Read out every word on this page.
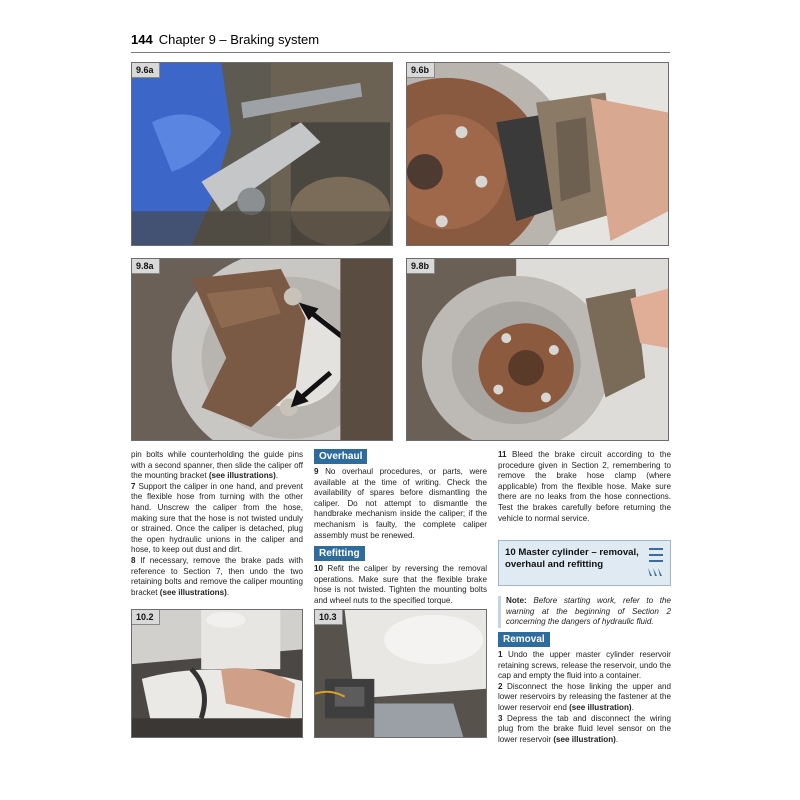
144 Chapter 9 – Braking system
9.6a	9.6b
9.8a	9.8b

pin bolts while counterholding the guide pins with a second spanner, then slide the caliper off the mounting bracket (see illustrations).

7 Support the caliper in one hand, and prevent the flexible hose from turning with the other hand. Unscrew the caliper from the hose, making sure that the hose is not twisted unduly or strained. Once the caliper is detached, plug the open hydraulic unions in the caliper and hose, to keep out dust and dirt.

8 If necessary, remove the brake pads with reference to Section 7, then undo the two retaining bolts and remove the caliper mounting bracket (see illustrations).

Overhaul

9 No overhaul procedures, or parts, were available at the time of writing. Check the availability of spares before dismantling the caliper. Do not attempt to dismantle the handbrake mechanism inside the caliper; if the mechanism is faulty, the complete caliper assembly must be renewed.

Refitting

10 Refit the caliper by reversing the removal operations. Make sure that the flexible brake hose is not twisted. Tighten the mounting bolts and wheel nuts to the specified torque.

11 Bleed the brake circuit according to the procedure given in Section 2, remembering to remove the brake hose clamp (where applicable) from the flexible hose. Make sure there are no leaks from the hose connections. Test the brakes carefully before returning the vehicle to normal service.

10 Master cylinder – removal, overhaul and refitting
Note: Before starting work, refer to the warning at the beginning of Section 2 concerning the dangers of hydraulic fluid.
Removal

1 Undo the upper master cylinder reservoir retaining screws, release the reservoir, undo the cap and empty the fluid into a container.

2 Disconnect the hose linking the upper and lower reservoirs by releasing the fastener at the lower reservoir end (see illustration).

3 Depress the tab and disconnect the wiring plug from the brake fluid level sensor on the lower reservoir (see illustration).

10.2	10.3
